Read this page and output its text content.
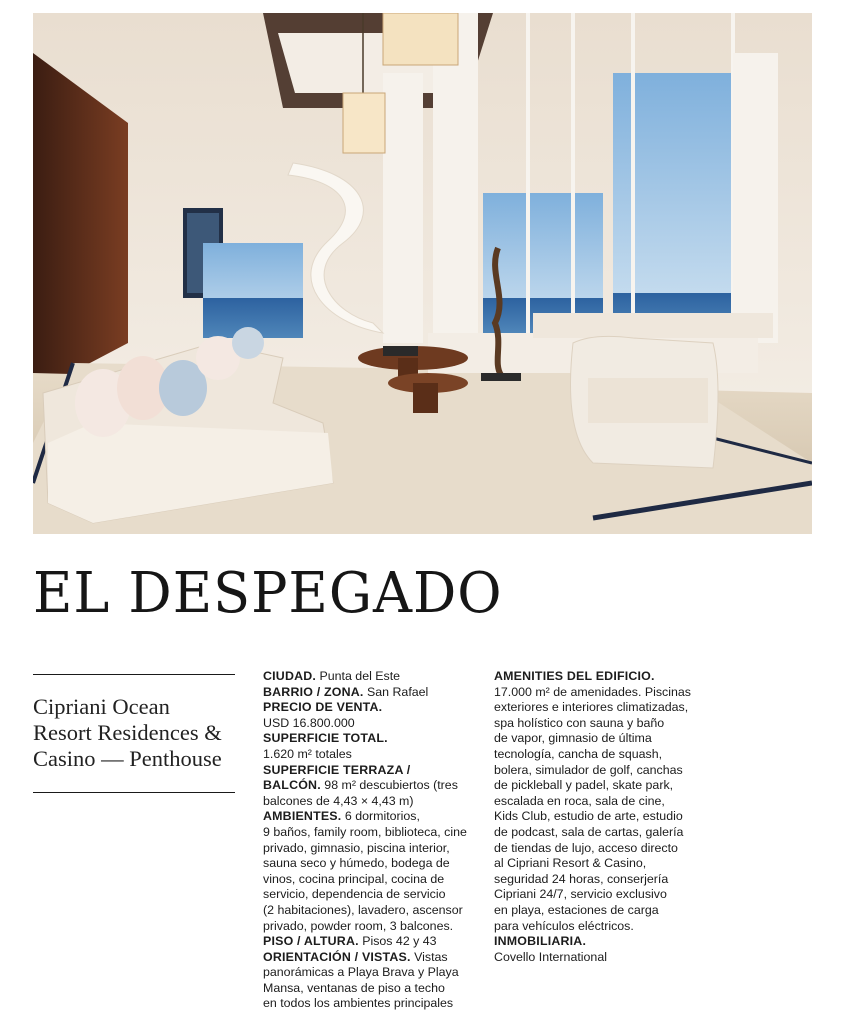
EL DESPEGADO

Cipriani Ocean
Resort Residences &
Casino — Penthouse

CIUDAD. Punta del Este
BARRIO / ZONA. San Rafael
PRECIO DE VENTA.
USD 16.800.000
SUPERFICIE TOTAL.
1.620 m² totales
SUPERFICIE TERRAZA /
BALCÓN. 98 m² descubiertos (tres
balcones de 4,43 × 4,43 m)
AMBIENTES. 6 dormitorios,
9 baños, family room, biblioteca, cine
privado, gimnasio, piscina interior,
sauna seco y húmedo, bodega de
vinos, cocina principal, cocina de
servicio, dependencia de servicio
(2 habitaciones), lavadero, ascensor
privado, powder room, 3 balcones.
PISO / ALTURA. Pisos 42 y 43
ORIENTACIÓN / VISTAS. Vistas
panorámicas a Playa Brava y Playa
Mansa, ventanas de piso a techo
en todos los ambientes principales
AMENITIES DEL EDIFICIO.
17.000 m² de amenidades. Piscinas
exteriores e interiores climatizadas,
spa holístico con sauna y baño
de vapor, gimnasio de última
tecnología, cancha de squash,
bolera, simulador de golf, canchas
de pickleball y padel, skate park,
escalada en roca, sala de cine,
Kids Club, estudio de arte, estudio
de podcast, sala de cartas, galería
de tiendas de lujo, acceso directo
al Cipriani Resort & Casino,
seguridad 24 horas, conserjería
Cipriani 24/7, servicio exclusivo
en playa, estaciones de carga
para vehículos eléctricos.
INMOBILIARIA.
Covello International
